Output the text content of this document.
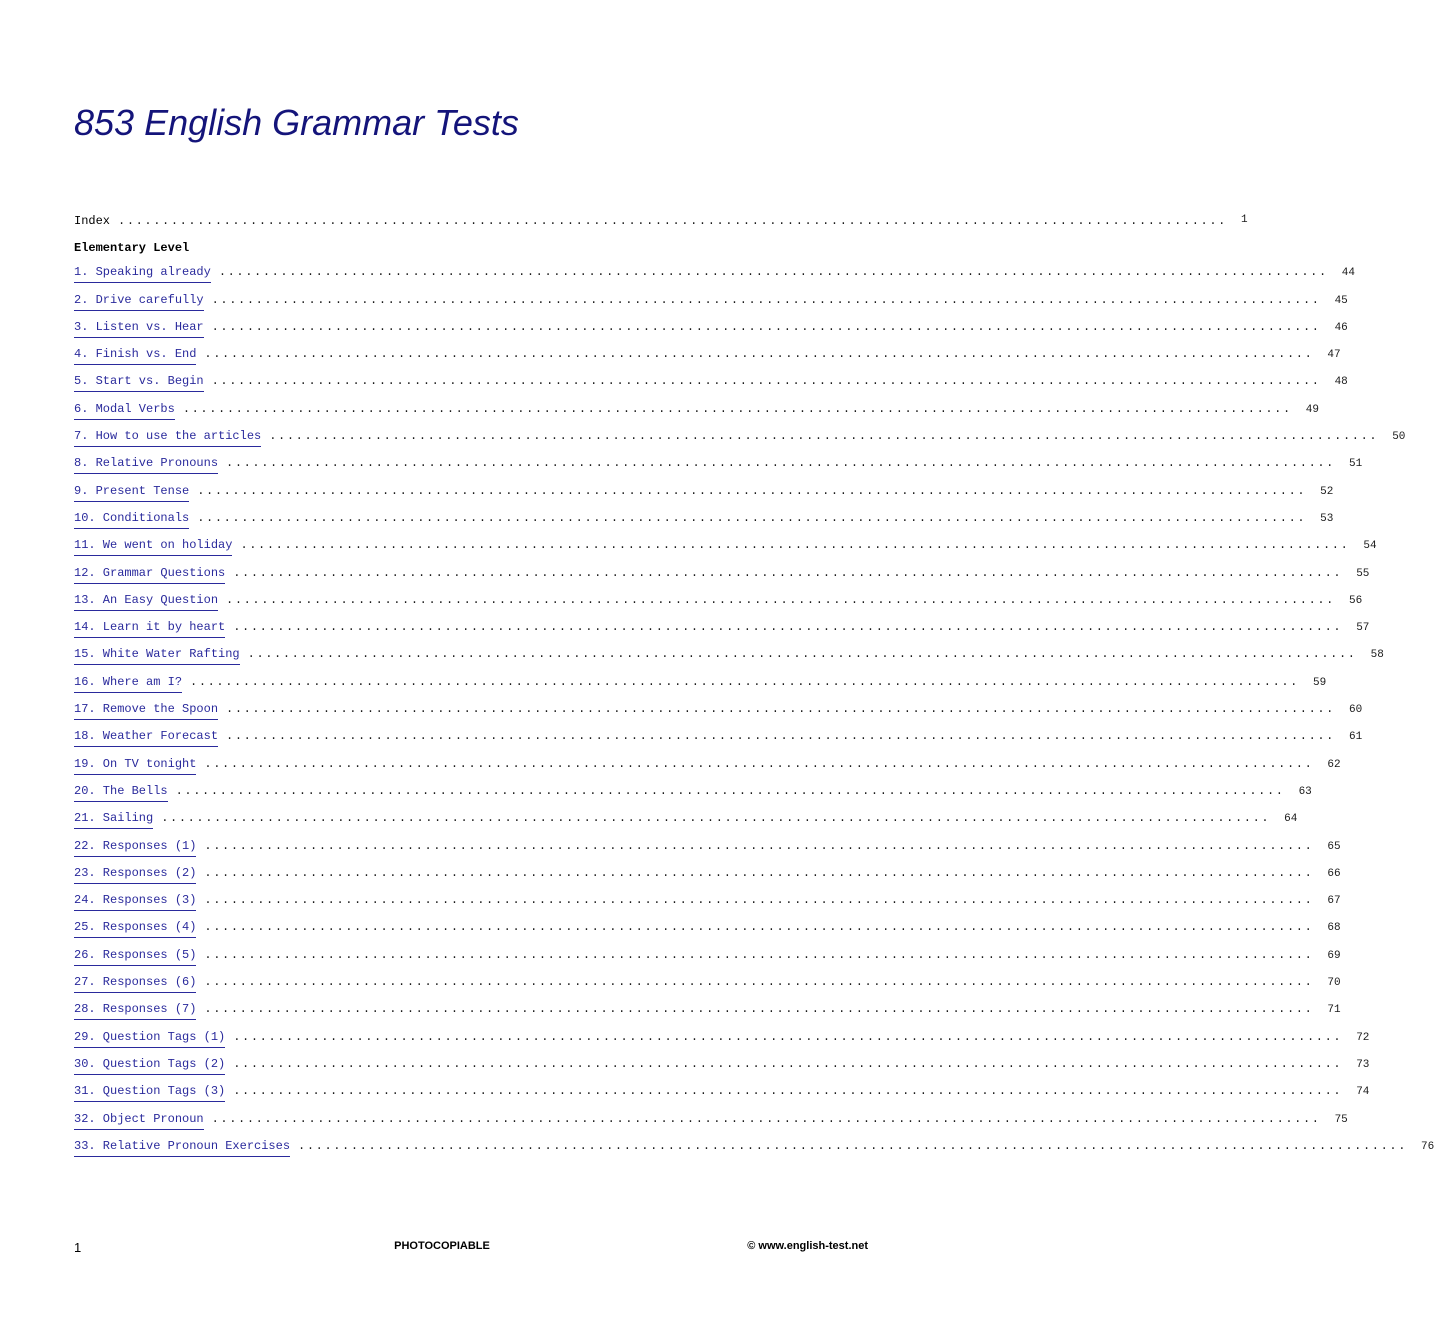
853 English Grammar Tests
Index .............................................................................................................................. 1
Elementary Level
1. Speaking already .............................................................................................................................. 44
2. Drive carefully .............................................................................................................................. 45
3. Listen vs. Hear .............................................................................................................................. 46
4. Finish vs. End .............................................................................................................................. 47
5. Start vs. Begin .............................................................................................................................. 48
6. Modal Verbs .............................................................................................................................. 49
7. How to use the articles .............................................................................................................................. 50
8. Relative Pronouns .............................................................................................................................. 51
9. Present Tense .............................................................................................................................. 52
10. Conditionals .............................................................................................................................. 53
11. We went on holiday .............................................................................................................................. 54
12. Grammar Questions .............................................................................................................................. 55
13. An Easy Question .............................................................................................................................. 56
14. Learn it by heart .............................................................................................................................. 57
15. White Water Rafting .............................................................................................................................. 58
16. Where am I? .............................................................................................................................. 59
17. Remove the Spoon .............................................................................................................................. 60
18. Weather Forecast .............................................................................................................................. 61
19. On TV tonight .............................................................................................................................. 62
20. The Bells .............................................................................................................................. 63
21. Sailing .............................................................................................................................. 64
22. Responses (1) .............................................................................................................................. 65
23. Responses (2) .............................................................................................................................. 66
24. Responses (3) .............................................................................................................................. 67
25. Responses (4) .............................................................................................................................. 68
26. Responses (5) .............................................................................................................................. 69
27. Responses (6) .............................................................................................................................. 70
28. Responses (7) .............................................................................................................................. 71
29. Question Tags (1) .............................................................................................................................. 72
30. Question Tags (2) .............................................................................................................................. 73
31. Question Tags (3) .............................................................................................................................. 74
32. Object Pronoun .............................................................................................................................. 75
33. Relative Pronoun Exercises .............................................................................................................................. 76
1	PHOTOCOPIABLE	© www.english-test.net
